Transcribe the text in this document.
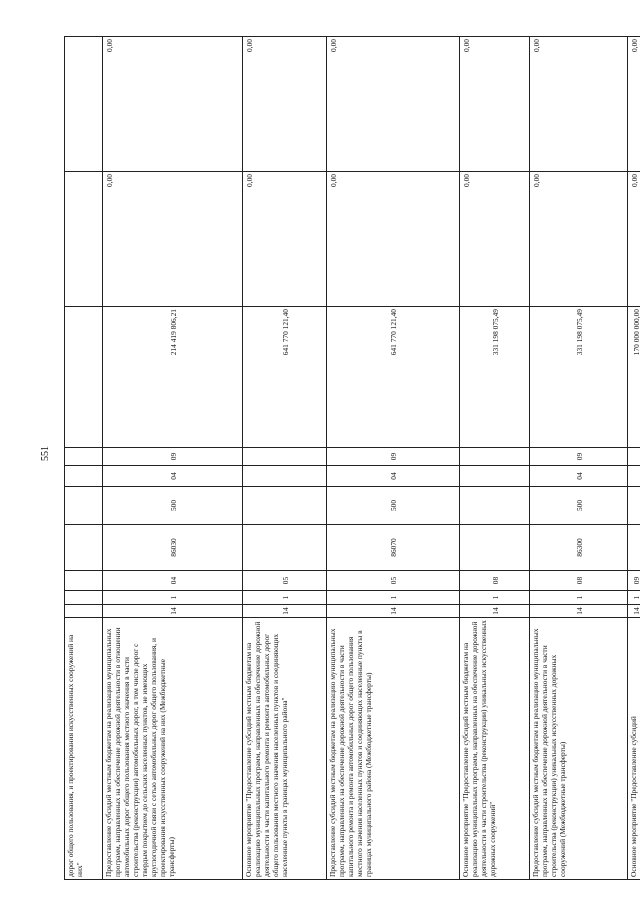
551
дорог общего пользования, и проектирования искусственных сооружений на них"	Предоставление субсидий местным бюджетам на реализацию муниципальных программ, направленных на обеспечение дорожной деятельности в отношении автомобильных дорог общего пользования местного значения в части строительства (реконструкции) автомобильных дорог, в том числе дорог с твердым покрытием до сельских населенных пунктов, не имеющих круглогодичной связи с сетью автомобильных дорог общего пользования, и проектирования искусственных сооружений на них (Межбюджетные трансферты)
14
1
04
86030
500
04
09
214 419 806,21
0,00
0,00
Основное мероприятие "Предоставление субсидий местным бюджетам на реализацию муниципальных программ, направленных на обеспечение дорожной деятельности в части капитального ремонта и ремонта автомобильных дорог общего пользования местного значения населенных пунктов и соединяющих населенные пункты в границах муниципального района"
14
1
05
641 770 121,40
0,00
0,00
Предоставление субсидий местным бюджетам на реализацию муниципальных программ, направленных на обеспечение дорожной деятельности в части капитального ремонта и ремонта автомобильных дорог общего пользования местного значения населенных пунктов и соединяющих населенные пункты в границах муниципального района (Межбюджетные трансферты)
14
1
05
86070
500
04
09
641 770 121,40
0,00
0,00
Основное мероприятие "Предоставление субсидий местным бюджетам на реализацию муниципальных программ, направленных на обеспечение дорожной деятельности в части строительства (реконструкции) уникальных искусственных дорожных сооружений"
14
1
08
331 198 075,49
0,00
0,00
Предоставление субсидий местным бюджетам на реализацию муниципальных программ, направленных на обеспечение дорожной деятельности в части строительства (реконструкции) уникальных искусственных дорожных сооружений (Межбюджетные трансферты)
14
1
08
86300
500
04
09
331 198 075,49
0,00
0,00
Основное мероприятие "Предоставление субсидий
14
1
09
170 000 000,00
0,00
0,00
